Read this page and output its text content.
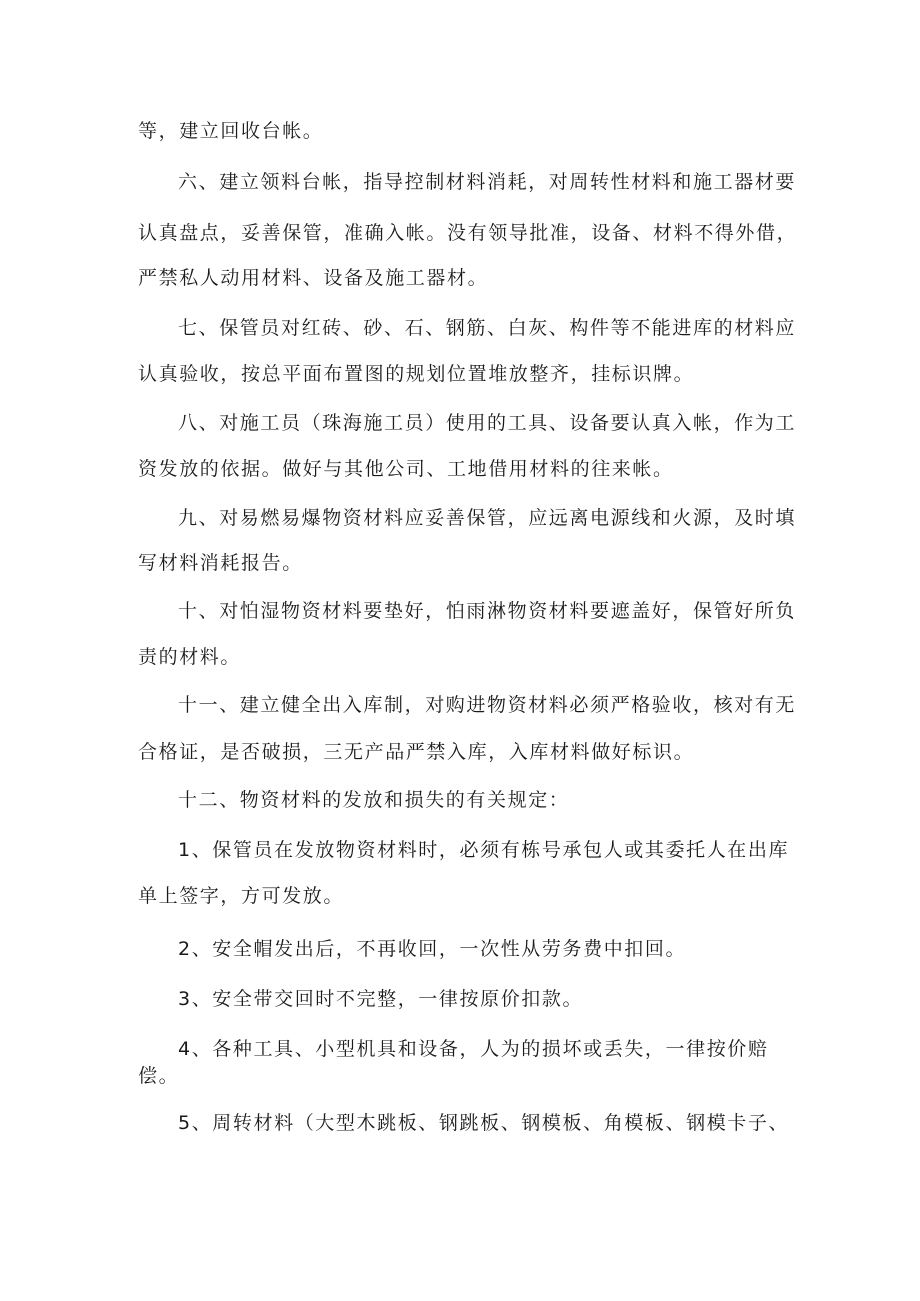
等，建立回收台帐。
六、建立领料台帐，指导控制材料消耗，对周转性材料和施工器材要
认真盘点，妥善保管，准确入帐。没有领导批准，设备、材料不得外借，
严禁私人动用材料、设备及施工器材。
七、保管员对红砖、砂、石、钢筋、白灰、构件等不能进库的材料应
认真验收，按总平面布置图的规划位置堆放整齐，挂标识牌。
八、对施工员（珠海施工员）使用的工具、设备要认真入帐，作为工
资发放的依据。做好与其他公司、工地借用材料的往来帐。
九、对易燃易爆物资材料应妥善保管，应远离电源线和火源，及时填
写材料消耗报告。
十、对怕湿物资材料要垫好，怕雨淋物资材料要遮盖好，保管好所负
责的材料。
十一、建立健全出入库制，对购进物资材料必须严格验收，核对有无
合格证，是否破损，三无产品严禁入库，入库材料做好标识。
十二、物资材料的发放和损失的有关规定：
1、保管员在发放物资材料时，必须有栋号承包人或其委托人在出库
单上签字，方可发放。
2、安全帽发出后，不再收回，一次性从劳务费中扣回。
3、安全带交回时不完整，一律按原价扣款。
4、各种工具、小型机具和设备，人为的损坏或丢失，一律按价赔
偿。
5、周转材料（大型木跳板、钢跳板、钢模板、角模板、钢模卡子、
